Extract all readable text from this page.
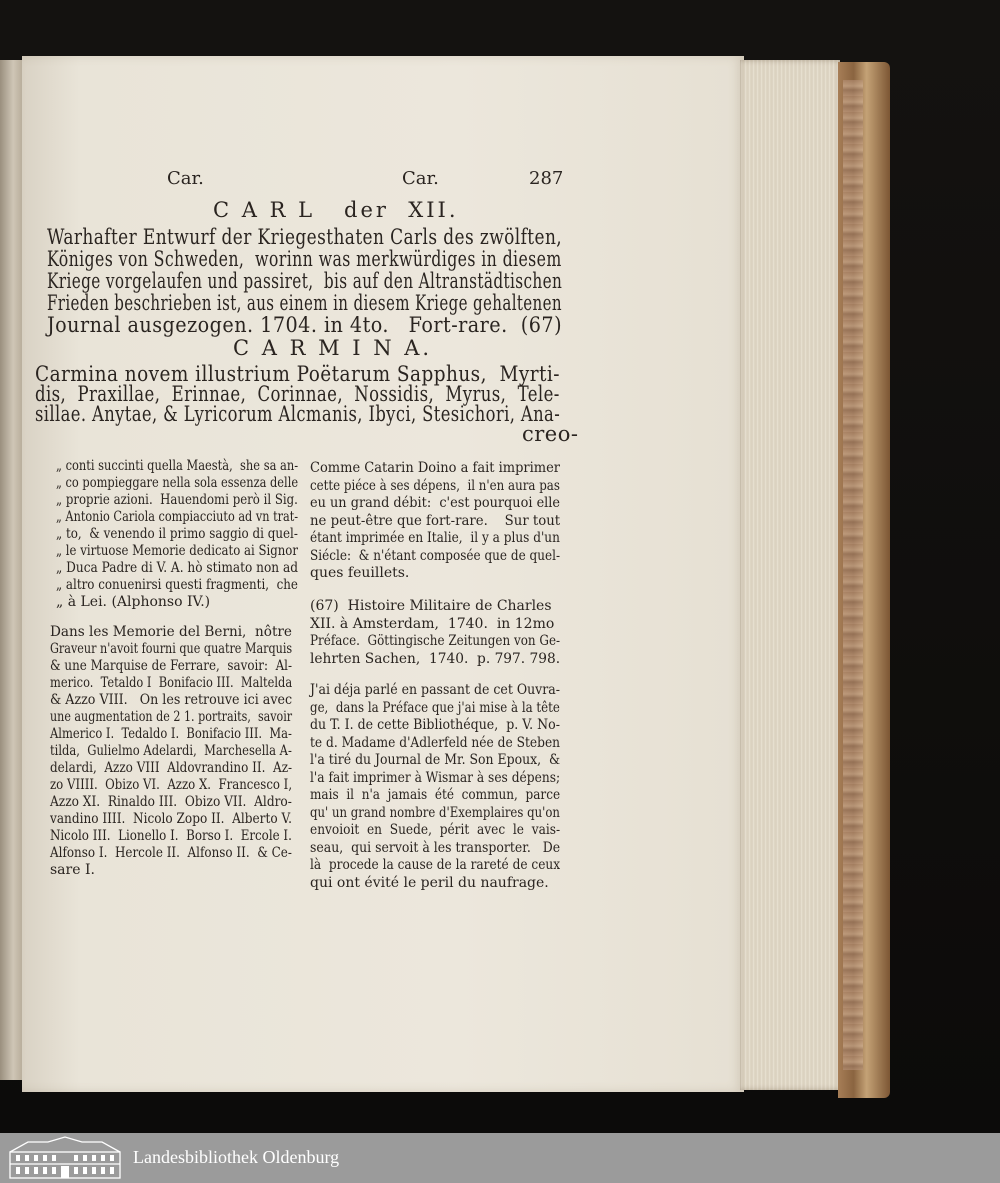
Car.	Car.	287
C A R L   der  XII.
Warhafter Entwurf der Kriegesthaten Carls des zwölften,
Königes von Schweden,  worinn was merkwürdiges in diesem
Kriege vorgelaufen und passiret,  bis auf den Altranstädtischen
Frieden beschrieben ist, aus einem in diesem Kriege gehaltenen
Journal ausgezogen. 1704. in 4to.   Fort-rare.  (67)
C A R M I N A.
Carmina novem illustrium Poëtarum Sapphus,  Myrti-
dis,  Praxillae,  Erinnae,  Corinnae,  Nossidis,  Myrus,  Tele-
sillae. Anytae, & Lyricorum Alcmanis, Ibyci, Stesichori, Ana-
creo-
„ conti succinti quella Maestà,  she sa an-
„ co pompieggare nella sola essenza delle
„ proprie azioni.  Hauendomi però il Sig.
„ Antonio Cariola compiacciuto ad vn trat-
„ to,  & venendo il primo saggio di quel-
„ le virtuose Memorie dedicato ai Signor
„ Duca Padre di V. A. hò stimato non ad
„ altro conuenirsi questi fragmenti,  che
„ à Lei. (Alphonso IV.)
Dans les Memorie del Berni,  nôtre
Graveur n'avoit fourni que quatre Marquis
& une Marquise de Ferrare,  savoir:  Al-
merico.  Tetaldo I  Bonifacio III.  Maltelda
& Azzo VIII.   On les retrouve ici avec
une augmentation de 2 1. portraits,  savoir
Almerico I.  Tedaldo I.  Bonifacio III.  Ma-
tilda,  Gulielmo Adelardi,  Marchesella A-
delardi,  Azzo VIII  Aldovrandino II.  Az-
zo VIIII.  Obizo VI.  Azzo X.  Francesco I,
Azzo XI.  Rinaldo III.  Obizo VII.  Aldro-
vandino IIII.  Nicolo Zopo II.  Alberto V.
Nicolo III.  Lionello I.  Borso I.  Ercole I.
Alfonso I.  Hercole II.  Alfonso II.  & Ce-
sare I.
Comme Catarin Doino a fait imprimer
cette piéce à ses dépens,  il n'en aura pas
eu un grand débit:  c'est pourquoi elle
ne peut-être que fort-rare.    Sur tout
étant imprimée en Italie,  il y a plus d'un
Siécle:  & n'étant composée que de quel-
ques feuillets.
(67)  Histoire Militaire de Charles
XII. à Amsterdam,  1740.  in 12mo
Préface.  Göttingische Zeitungen von Ge-
lehrten Sachen,  1740.  p. 797. 798.
J'ai déja parlé en passant de cet Ouvra-
ge,  dans la Préface que j'ai mise à la tête
du T. I. de cette Bibliothéque,  p. V. No-
te d. Madame d'Adlerfeld née de Steben
l'a tiré du Journal de Mr. Son Epoux,  &
l'a fait imprimer à Wismar à ses dépens;
mais  il  n'a  jamais  été  commun,  parce
qu' un grand nombre d'Exemplaires qu'on
envoioit  en  Suede,  périt  avec  le  vais-
seau,  qui servoit à les transporter.   De
là  procede la cause de la rareté de ceux
qui ont évité le peril du naufrage.
Landesbibliothek Oldenburg
